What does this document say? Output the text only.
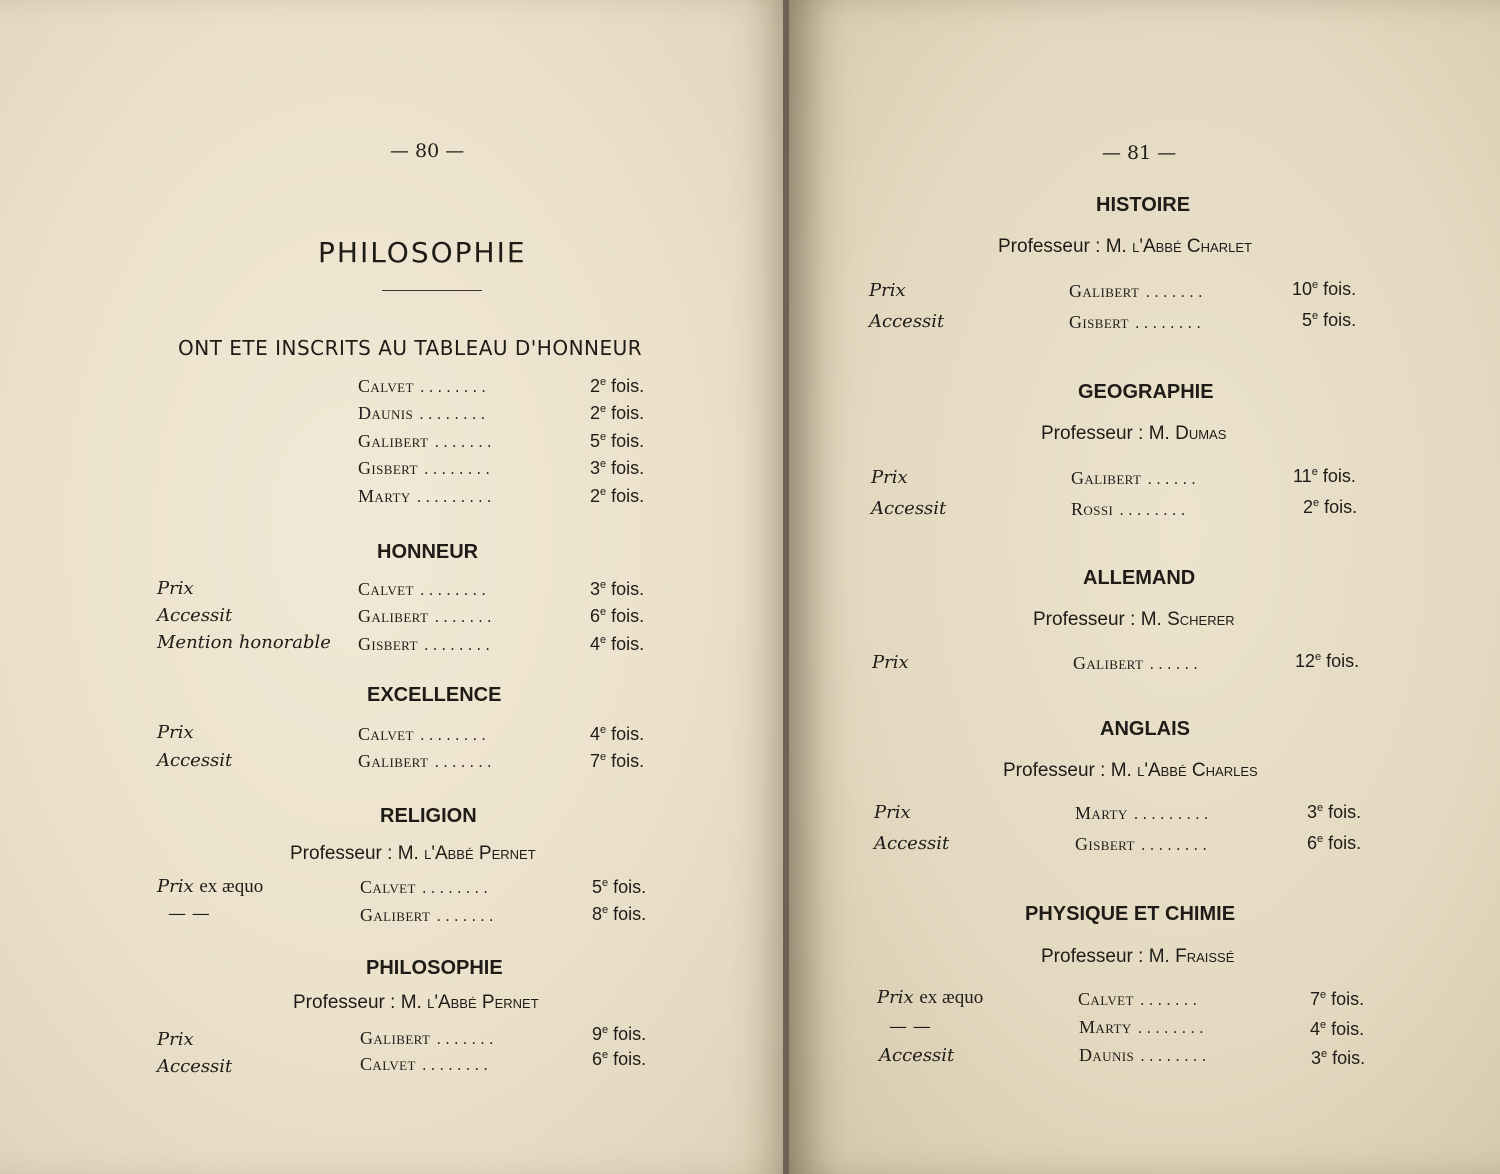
— 80 —
PHILOSOPHIE
ONT ETE INSCRITS AU TABLEAU D'HONNEUR
Calvet ........	2e fois.
Daunis ........	2e fois.
Galibert .......	5e fois.
Gisbert ........	3e fois.
Marty .........	2e fois.
HONNEUR
Prix	Calvet ........	3e fois.
Accessit	Galibert .......	6e fois.
Mention honorable Gisbert ........	4e fois.
EXCELLENCE
Prix	Calvet ........	4e fois.
Accessit	Galibert .......	7e fois.
RELIGION
Professeur : M. l'Abbé Pernet
Prix ex æquo	Calvet ........	5e fois.
— —	Galibert .......	8e fois.
PHILOSOPHIE
Professeur : M. l'Abbé Pernet
Prix	Galibert .......	9e fois.
Accessit	Calvet ........	6e fois.
— 81 —
HISTOIRE
Professeur : M. l'Abbé Charlet
Prix	Galibert .......	10e fois.
Accessit	Gisbert ........	5e fois.
GEOGRAPHIE
Professeur : M. Dumas
Prix	Galibert ......	11e fois.
Accessit	Rossi ........	2e fois.
ALLEMAND
Professeur : M. Scherer
Prix	Galibert ......	12e fois.
ANGLAIS
Professeur : M. l'Abbé Charles
Prix	Marty .........	3e fois.
Accessit	Gisbert ........	6e fois.
PHYSIQUE ET CHIMIE
Professeur : M. Fraissé
Prix ex æquo	Calvet .......	7e fois.
— —	Marty ........	4e fois.
Accessit	Daunis ........	3e fois.
